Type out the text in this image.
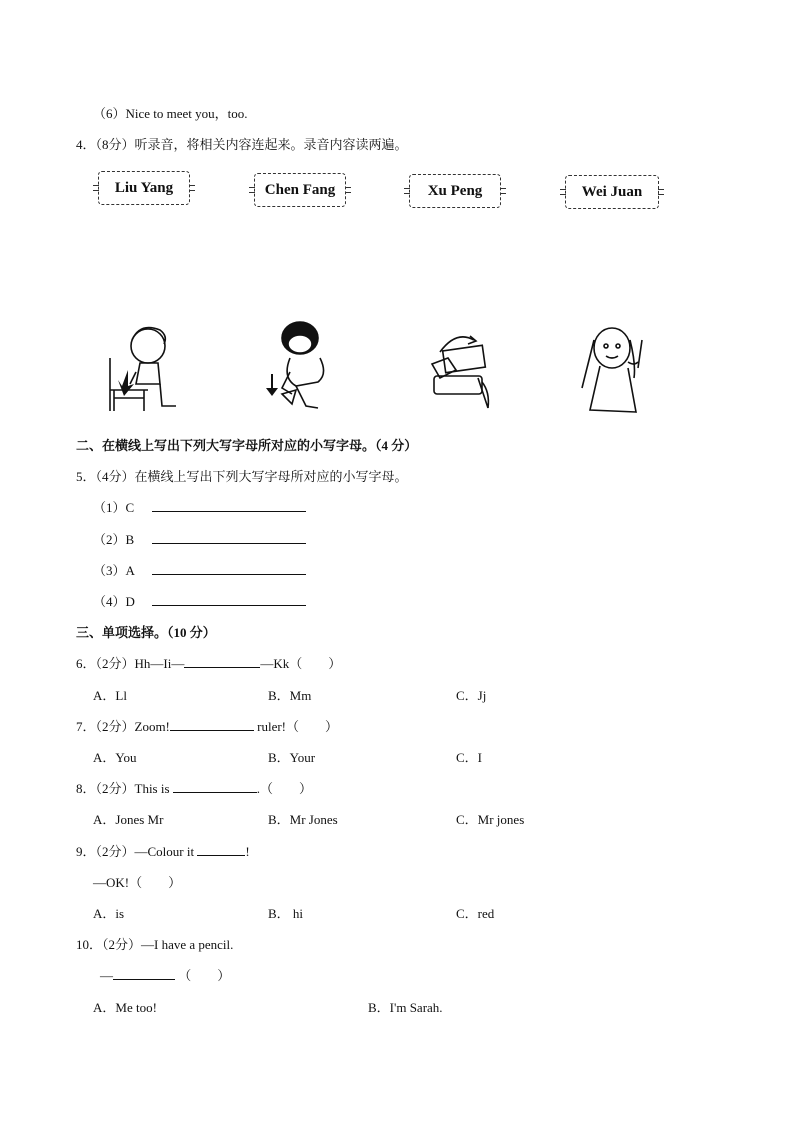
（6）Nice to meet you，too.
4．（8分）听录音，将相关内容连起来。录音内容读两遍。
Liu Yang	Chen Fang	Xu Peng	Wei Juan
二、在横线上写出下列大写字母所对应的小写字母。（4 分）
5．（4分）在横线上写出下列大写字母所对应的小写字母。
（1）C
（2）B
（3）A
（4）D
三、单项选择。（10 分）
6．（2分）Hh—Ii—	—Kk（　　）
A．Ll	B．Mm	C．Jj
7．（2分）Zoom!	ruler!（　　）
A．You	B．Your	C．I
8．（2分）This is	.（　　）
A．Jones Mr	B．Mr Jones	C．Mr jones
9．（2分）—Colour it	!
—OK!（　　）
A．is	B． hi	C．red
10．（2分）—I have a pencil.
—	（　　）
A．Me too!	B．I'm Sarah.
